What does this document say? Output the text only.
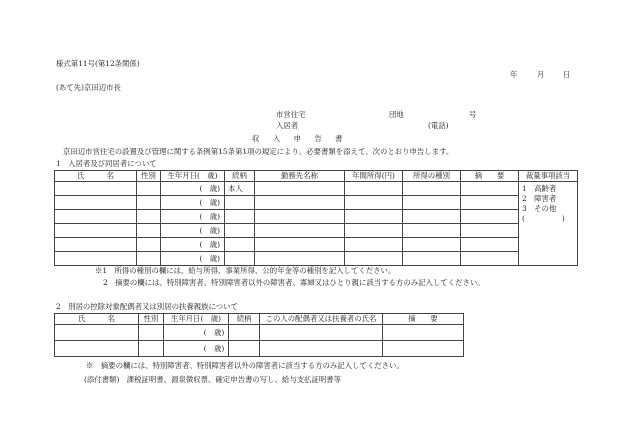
様式第11号(第12条関係)
年	月	日
(あて先)京田辺市長
市営住宅	団地	号
入居者	(電話)
収　入　申　告　書
京田辺市営住宅の設置及び管理に関する条例第15条第1項の規定により、必要書類を添えて、次のとおり申告します。
1　入居者及び同居者について
氏　　　名	性別	生年月日(　歳)	続柄	勤務先名称	年間所得(円)	所得の種別	摘　　要	裁量事項該当
		(　歳)	本人					1　高齢者
2　障害者
3　その他
(　　　　　)

		(　歳)						
		(　歳)						
		(　歳)						
		(　歳)						
		(　歳)						
※1　所得の種別の欄には、給与所得、事業所得、公的年金等の種別を記入してください。
2　摘要の欄には、特別障害者、特別障害者以外の障害者、寡婦又はひとり親に該当する方のみ記入してください。
2　別居の控除対象配偶者又は別居の扶養親族について
氏　　　名	性別	生年月日(　歳)	続柄	この人の配偶者又は扶養者の氏名	摘　　要
		(　歳)			
		(　歳)			
※　摘要の欄には、特別障害者、特別障害者以外の障害者に該当する方のみ記入してください。
(添付書類)　課税証明書、源泉徴収票、確定申告書の写し、給与支払証明書等
